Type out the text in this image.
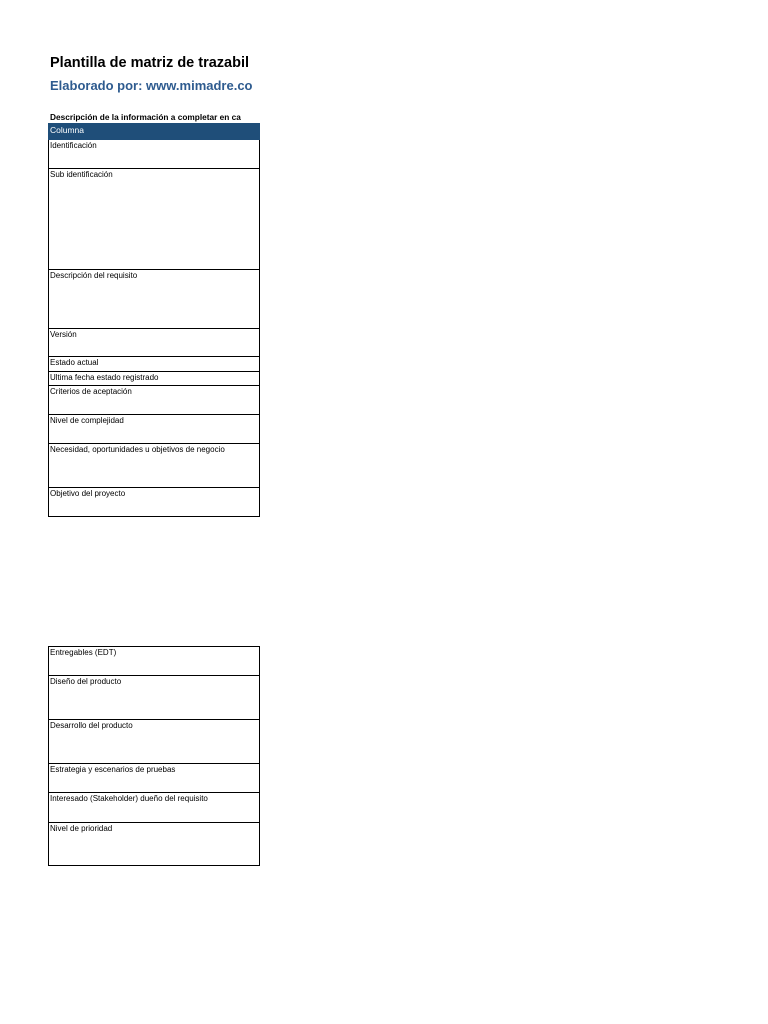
Plantilla de matriz de trazabil
Elaborado por: www.mimadre.co
Descripción de la información a completar en ca
Columna
Identificación
Sub identificación
Descripción del requisito
Versión
Estado actual
Ultima fecha estado registrado
Criterios de aceptación
Nivel de complejidad
Necesidad, oportunidades u objetivos de negocio
Objetivo del proyecto
Entregables (EDT)
Diseño del producto
Desarrollo del producto
Estrategia y escenarios de pruebas
Interesado (Stakeholder) dueño del requisito
Nivel de prioridad
